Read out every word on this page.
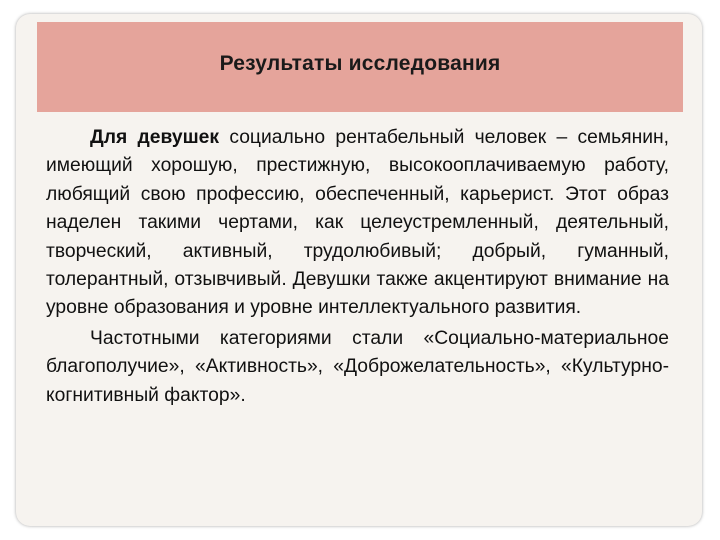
Результаты исследования

Для девушек социально рентабельный человек – семьянин, имеющий хорошую, престижную, высокооплачиваемую работу, любящий свою профессию, обеспеченный, карьерист. Этот образ наделен такими чертами, как целеустремленный, деятельный, творческий, активный, трудолюбивый; добрый, гуманный, толерантный, отзывчивый. Девушки также акцентируют внимание на уровне образования и уровне интеллектуального развития.

Частотными категориями стали «Социально-материальное благополучие», «Активность», «Доброжелательность», «Культурно-когнитивный фактор».
